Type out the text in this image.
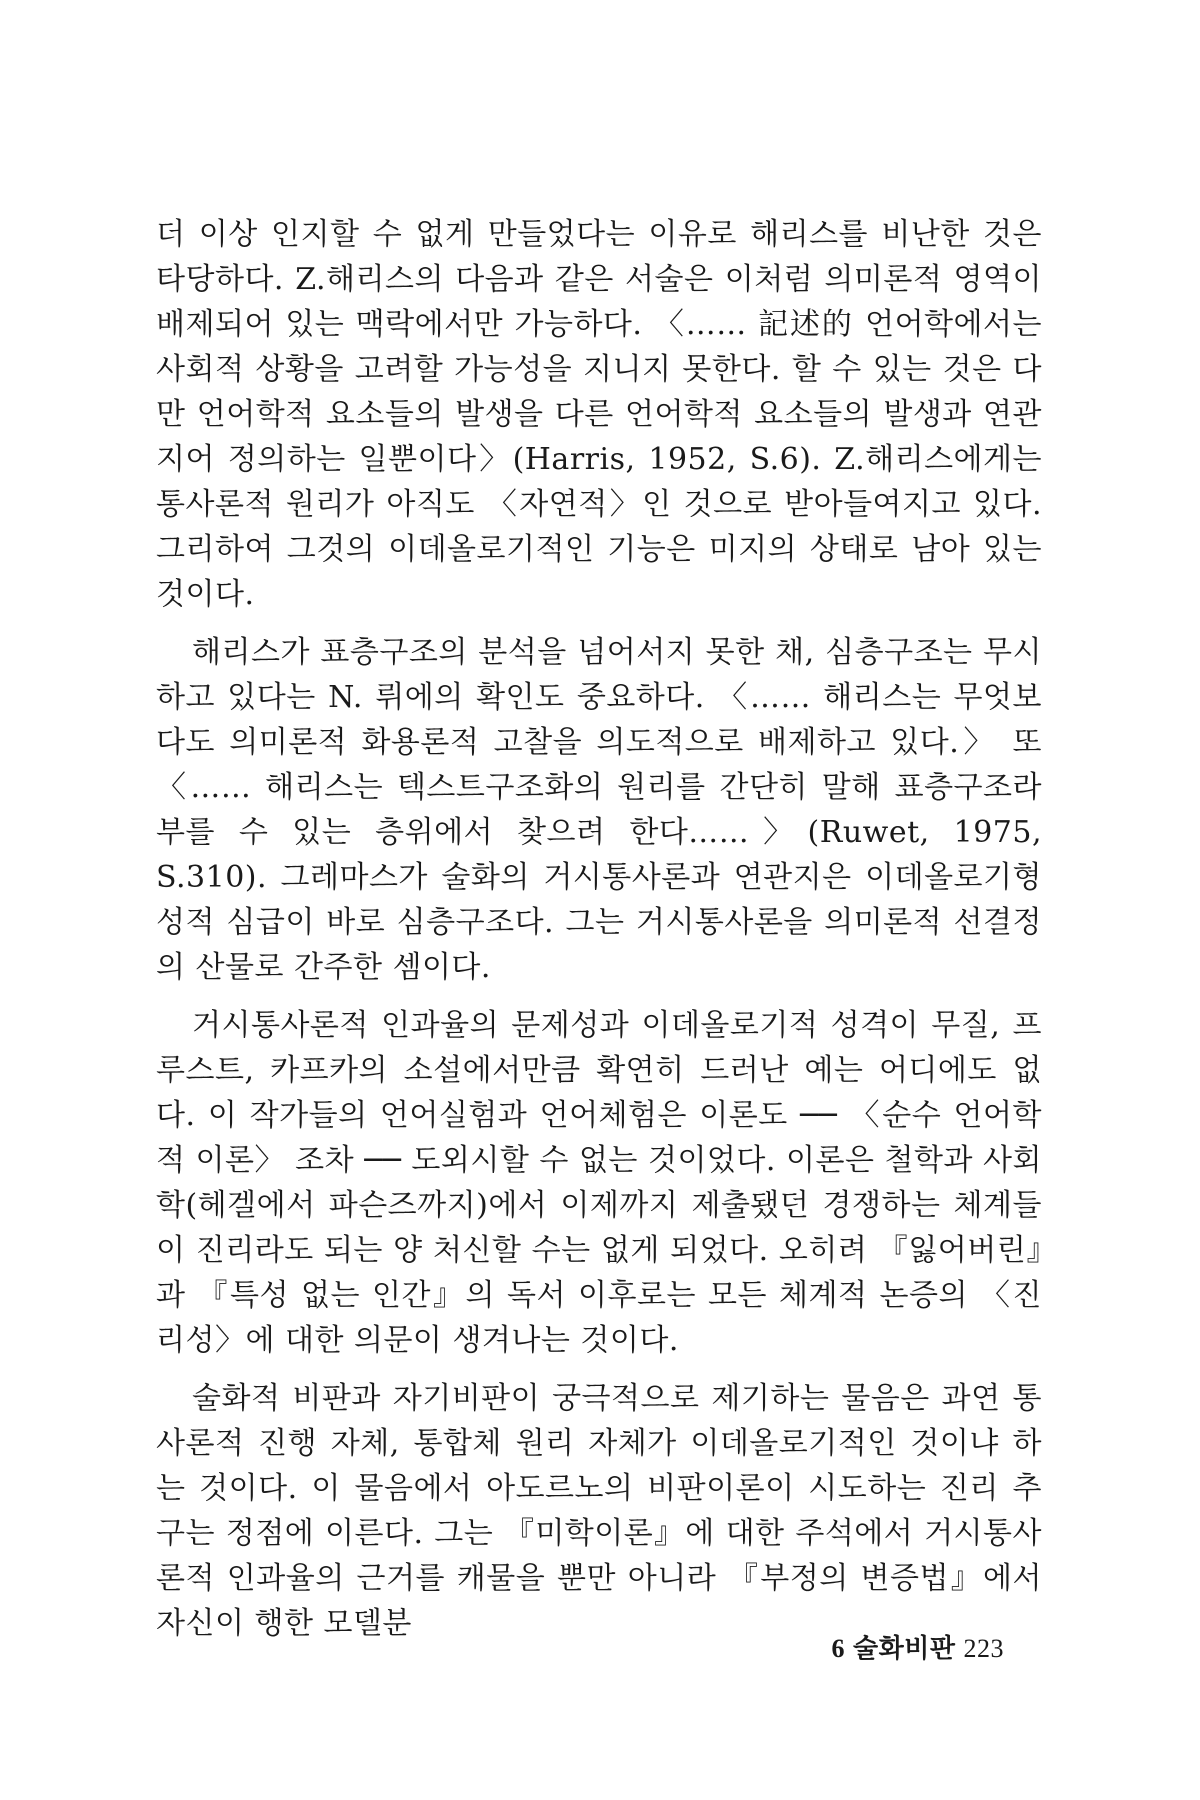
더 이상 인지할 수 없게 만들었다는 이유로 해리스를 비난한 것은 타당하다. Z.해리스의 다음과 같은 서술은 이처럼 의미론적 영역이 배제되어 있는 맥락에서만 가능하다. 〈…… 記述的 언어학에서는 사회적 상황을 고려할 가능성을 지니지 못한다. 할 수 있는 것은 다만 언어학적 요소들의 발생을 다른 언어학적 요소들의 발생과 연관지어 정의하는 일뿐이다〉(Harris, 1952, S.6). Z.해리스에게는 통사론적 원리가 아직도 〈자연적〉인 것으로 받아들여지고 있다. 그리하여 그것의 이데올로기적인 기능은 미지의 상태로 남아 있는 것이다.

해리스가 표층구조의 분석을 넘어서지 못한 채, 심층구조는 무시하고 있다는 N. 뤼에의 확인도 중요하다. 〈…… 해리스는 무엇보다도 의미론적 화용론적 고찰을 의도적으로 배제하고 있다.〉 또 〈…… 해리스는 텍스트구조화의 원리를 간단히 말해 표층구조라 부를 수 있는 층위에서 찾으려 한다……〉(Ruwet, 1975, S.310). 그레마스가 술화의 거시통사론과 연관지은 이데올로기형성적 심급이 바로 심층구조다. 그는 거시통사론을 의미론적 선결정의 산물로 간주한 셈이다.

거시통사론적 인과율의 문제성과 이데올로기적 성격이 무질, 프루스트, 카프카의 소설에서만큼 확연히 드러난 예는 어디에도 없다. 이 작가들의 언어실험과 언어체험은 이론도 ── 〈순수 언어학적 이론〉 조차 ── 도외시할 수 없는 것이었다. 이론은 철학과 사회학(헤겔에서 파슨즈까지)에서 이제까지 제출됐던 경쟁하는 체계들이 진리라도 되는 양 처신할 수는 없게 되었다. 오히려 『잃어버린』과 『특성 없는 인간』의 독서 이후로는 모든 체계적 논증의 〈진리성〉에 대한 의문이 생겨나는 것이다.

술화적 비판과 자기비판이 궁극적으로 제기하는 물음은 과연 통사론적 진행 자체, 통합체 원리 자체가 이데올로기적인 것이냐 하는 것이다. 이 물음에서 아도르노의 비판이론이 시도하는 진리 추구는 정점에 이른다. 그는 『미학이론』에 대한 주석에서 거시통사론적 인과율의 근거를 캐물을 뿐만 아니라 『부정의 변증법』에서 자신이 행한 모델분

6 술화비판 223
